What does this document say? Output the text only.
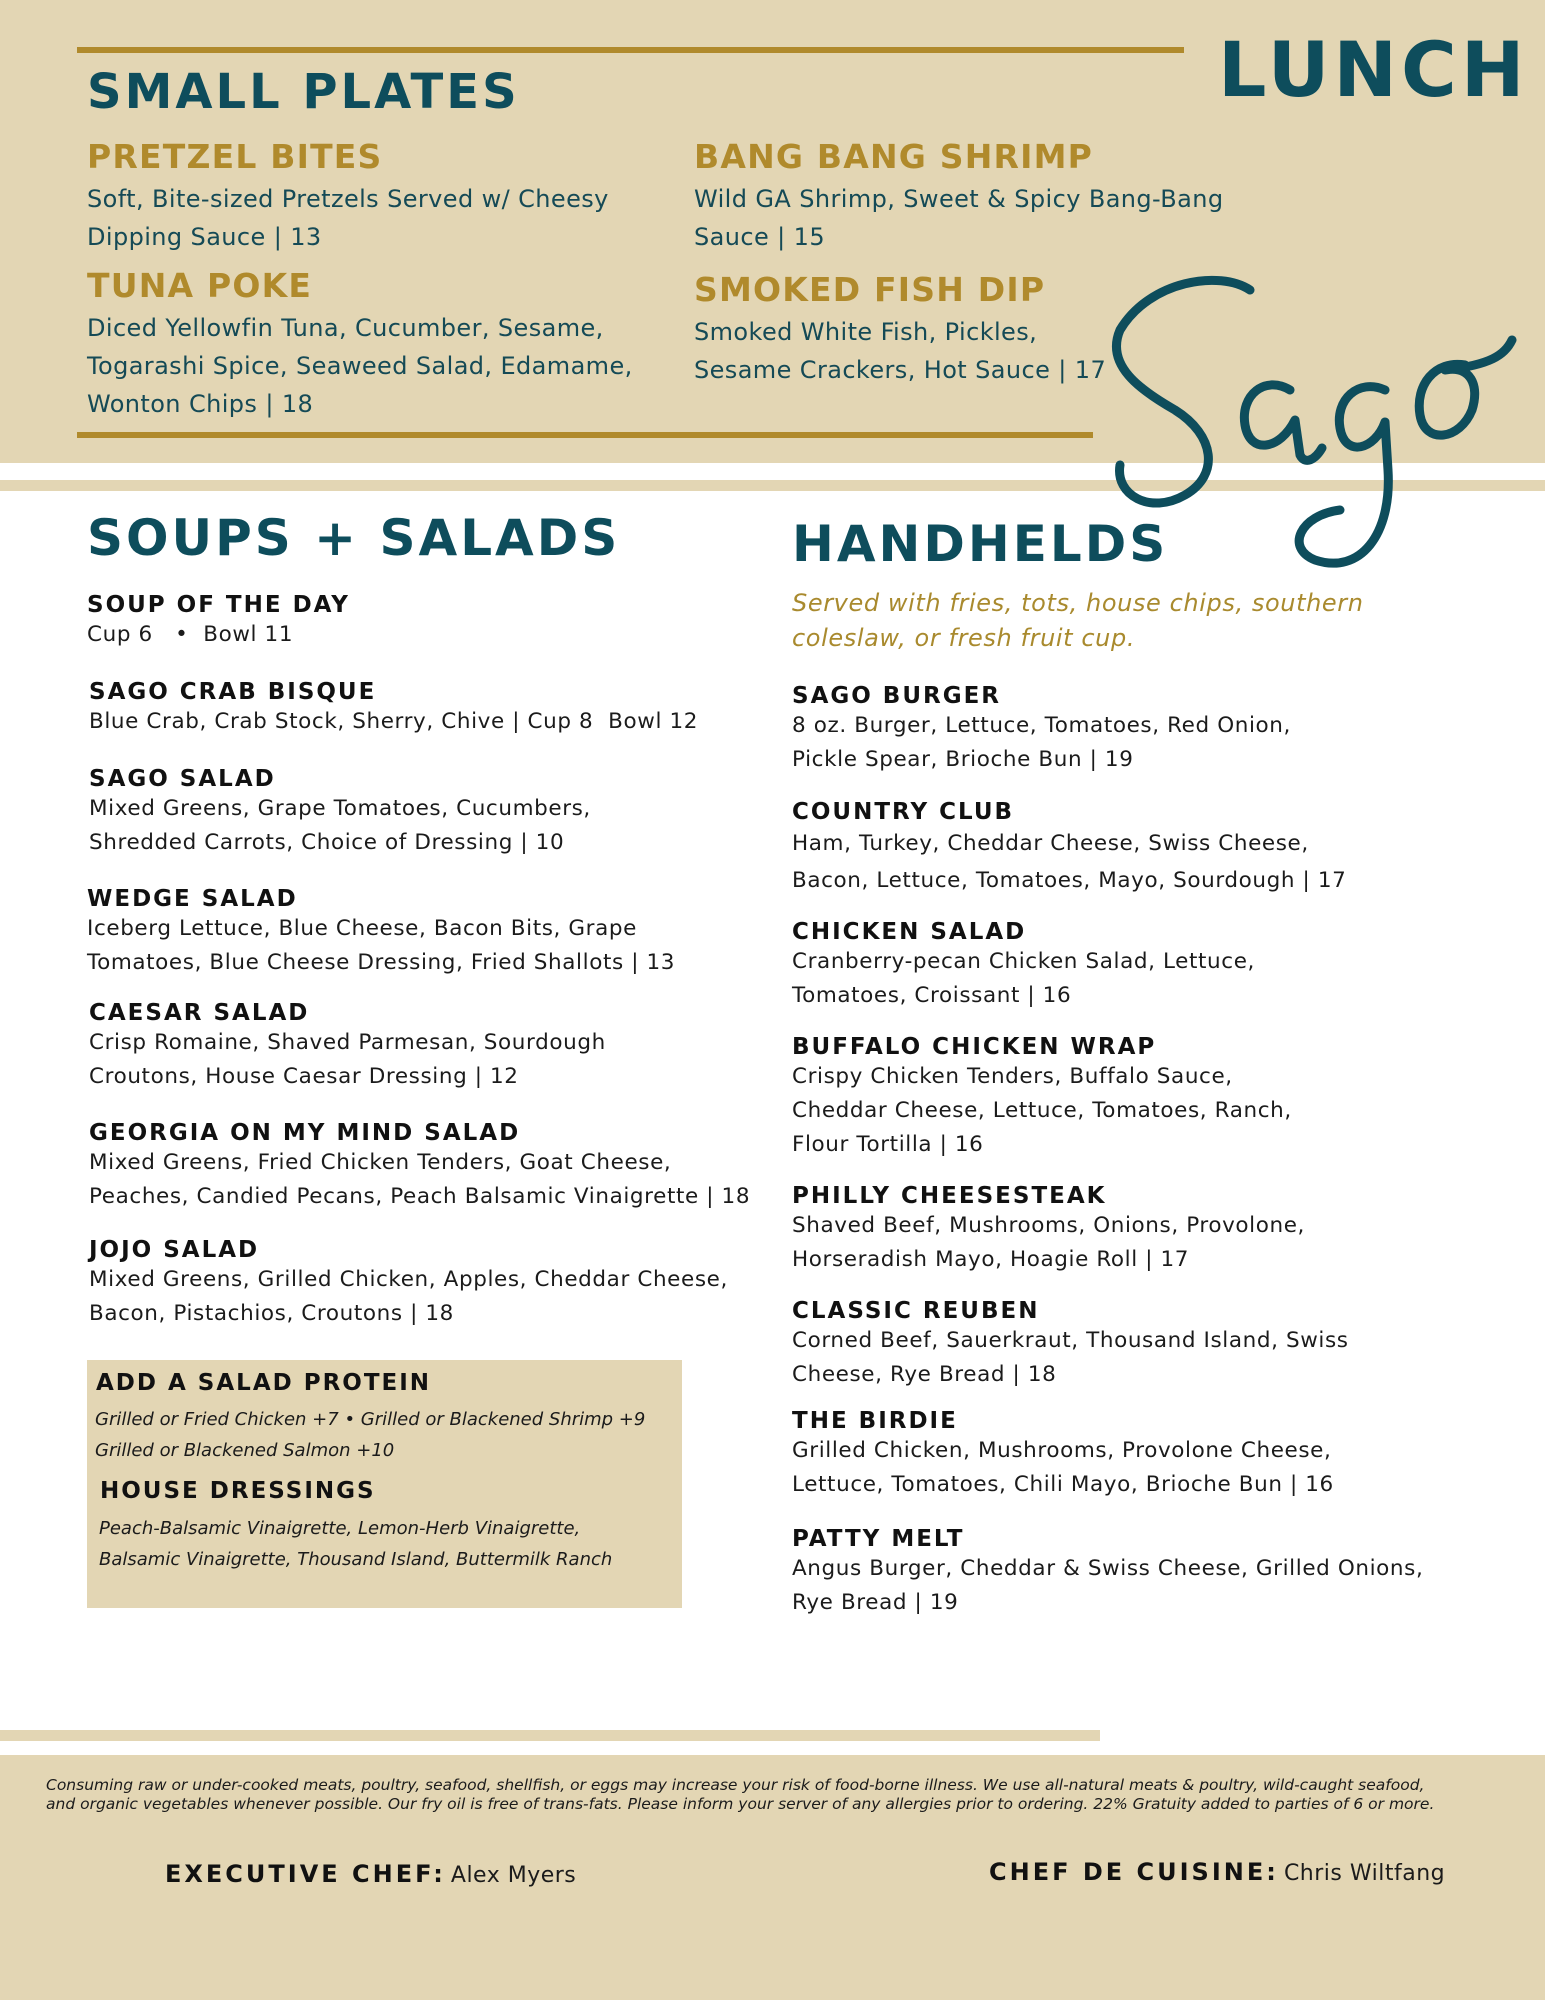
LUNCH
Sago
SMALL PLATES
PRETZEL BITES
Soft, Bite-sized Pretzels Served w/ Cheesy
Dipping Sauce | 13
BANG BANG SHRIMP
Wild GA Shrimp, Sweet & Spicy Bang-Bang
Sauce | 15
TUNA POKE
Diced Yellowfin Tuna, Cucumber, Sesame,
Togarashi Spice, Seaweed Salad, Edamame,
Wonton Chips | 18
SMOKED FISH DIP
Smoked White Fish, Pickles,
Sesame Crackers, Hot Sauce | 17
SOUPS + SALADS
SOUP OF THE DAY
Cup 6   •  Bowl 11
SAGO CRAB BISQUE
Blue Crab, Crab Stock, Sherry, Chive | Cup 8  Bowl 12
SAGO SALAD
Mixed Greens, Grape Tomatoes, Cucumbers,
Shredded Carrots, Choice of Dressing | 10
WEDGE SALAD
Iceberg Lettuce, Blue Cheese, Bacon Bits, Grape
Tomatoes, Blue Cheese Dressing, Fried Shallots | 13
CAESAR SALAD
Crisp Romaine, Shaved Parmesan, Sourdough
Croutons, House Caesar Dressing | 12
GEORGIA ON MY MIND SALAD
Mixed Greens, Fried Chicken Tenders, Goat Cheese,
Peaches, Candied Pecans, Peach Balsamic Vinaigrette | 18
JOJO SALAD
Mixed Greens, Grilled Chicken, Apples, Cheddar Cheese,
Bacon, Pistachios, Croutons | 18
ADD A SALAD PROTEIN
Grilled or Fried Chicken +7 • Grilled or Blackened Shrimp +9
Grilled or Blackened Salmon +10
HOUSE DRESSINGS
Peach-Balsamic Vinaigrette, Lemon-Herb Vinaigrette,
Balsamic Vinaigrette, Thousand Island, Buttermilk Ranch
HANDHELDS
Served with fries, tots, house chips, southern
coleslaw, or fresh fruit cup.
SAGO BURGER
8 oz. Burger, Lettuce, Tomatoes, Red Onion,
Pickle Spear, Brioche Bun | 19
COUNTRY CLUB
Ham, Turkey, Cheddar Cheese, Swiss Cheese,
Bacon, Lettuce, Tomatoes, Mayo, Sourdough | 17
CHICKEN SALAD
Cranberry-pecan Chicken Salad, Lettuce,
Tomatoes, Croissant | 16
BUFFALO CHICKEN WRAP
Crispy Chicken Tenders, Buffalo Sauce,
Cheddar Cheese, Lettuce, Tomatoes, Ranch,
Flour Tortilla | 16
PHILLY CHEESESTEAK
Shaved Beef, Mushrooms, Onions, Provolone,
Horseradish Mayo, Hoagie Roll | 17
CLASSIC REUBEN
Corned Beef, Sauerkraut, Thousand Island, Swiss
Cheese, Rye Bread | 18
THE BIRDIE
Grilled Chicken, Mushrooms, Provolone Cheese,
Lettuce, Tomatoes, Chili Mayo, Brioche Bun | 16
PATTY MELT
Angus Burger, Cheddar & Swiss Cheese, Grilled Onions,
Rye Bread | 19
Consuming raw or under-cooked meats, poultry, seafood, shellfish, or eggs may increase your risk of food-borne illness. We use all-natural meats & poultry, wild-caught seafood,
and organic vegetables whenever possible. Our fry oil is free of trans-fats. Please inform your server of any allergies prior to ordering. 22% Gratuity added to parties of 6 or more.
EXECUTIVE CHEF: Alex Myers	CHEF DE CUISINE: Chris Wiltfang
